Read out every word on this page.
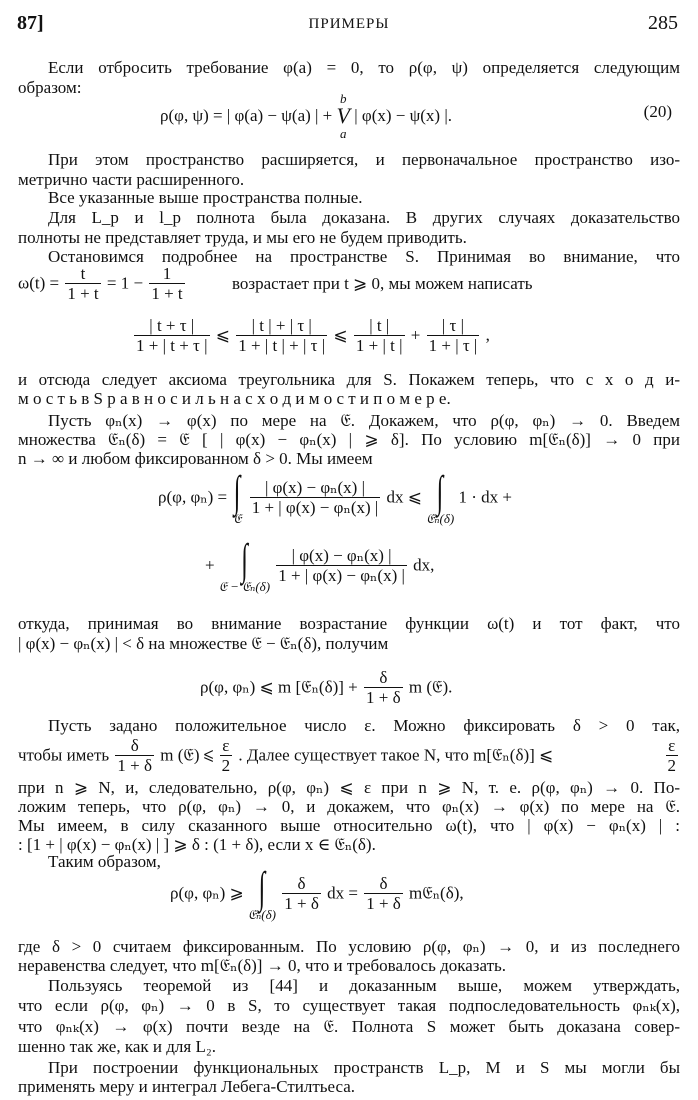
87]	ПРИМЕРЫ	285
Если отбросить требование φ(a) = 0, то ρ(φ, ψ) определяется следующим
образом:
ρ(φ, ψ) = | φ(a) − ψ(a) | +
b
V
a
| φ(x) − ψ(x) |.	(20)
При этом пространство расширяется, и первоначальное пространство изо-
метрично части расширенного.
Все указанные выше пространства полные.
Для L_p и l_p полнота была доказана. В других случаях доказательство
полноты не представляет труда, и мы его не будем приводить.
Остановимся подробнее на пространстве S. Принимая во внимание, что
$\omega(t) = \frac{t}{1 + t} = 1 - \frac{1}{1 + t}$	возрастает при t ⩾ 0, мы можем написать
$\frac{| t + \tau |}{1 + | t + \tau |}$ ⩽ $\frac{| t | + | \tau |}{1 + | t | + | \tau |}$ ⩽ $\frac{| t |}{1 + | t |} + \frac{| \tau |}{1 + | \tau |}$ ,
и отсюда следует аксиома треугольника для S. Покажем теперь, что с х о д и-
м о с т ь в S р а в н о с и л ь н а с х о д и м о с т и п о м е р е.
Пусть φₙ(x) → φ(x) по мере на 𝔈. Докажем, что ρ(φ, φₙ) → 0. Введем
множества 𝔈ₙ(δ) = 𝔈 [ | φ(x) − φₙ(x) | ⩾ δ]. По условию m[𝔈ₙ(δ)] → 0 при
n → ∞ и любом фиксированном δ > 0. Мы имеем
ρ(φ, φₙ) = ∫
𝔈

$\frac{\text{| φ(x) − φₙ(x) |}}{\text{1 + | φ(x) − φₙ(x) |}}$ dx ⩽ ∫
𝔈ₙ(δ)
1 · dx +
+ ∫
𝔈 − 𝔈ₙ(δ)

$\frac{\text{| φ(x) − φₙ(x) |}}{\text{1 + | φ(x) − φₙ(x) |}}$ dx,
откуда, принимая во внимание возрастание функции ω(t) и тот факт, что
| φ(x) − φₙ(x) | < δ на множестве 𝔈 − 𝔈ₙ(δ), получим
ρ(φ, φₙ) ⩽ m [𝔈ₙ(δ)] + $\frac{\delta}{1 + \delta}$ m (𝔈).
Пусть задано положительное число ε. Можно фиксировать δ > 0 так,
чтобы иметь $\frac{\delta}{1 + \delta}$ m (𝔈) ⩽ $\frac{\varepsilon}{2}$ . Далее существует такое N, что m[𝔈ₙ(δ)] ⩽	$\frac{\varepsilon}{2}$
при n ⩾ N, и, следовательно, ρ(φ, φₙ) ⩽ ε при n ⩾ N, т. е. ρ(φ, φₙ) → 0. По-
ложим теперь, что ρ(φ, φₙ) → 0, и докажем, что φₙ(x) → φ(x) по мере на 𝔈.
Мы имеем, в силу сказанного выше относительно ω(t), что | φ(x) − φₙ(x) | :
: [1 + | φ(x) − φₙ(x) | ] ⩾ δ : (1 + δ), если x ∈ 𝔈ₙ(δ).
Таким образом,
ρ(φ, φₙ) ⩾ ∫
𝔈ₙ(δ)

$\frac{\delta}{1 + \delta}$ dx = $\frac{\delta}{1 + \delta}$ m𝔈ₙ(δ),
где δ > 0 считаем фиксированным. По условию ρ(φ, φₙ) → 0, и из последнего
неравенства следует, что m[𝔈ₙ(δ)] → 0, что и требовалось доказать.
Пользуясь теоремой из [44] и доказанным выше, можем утверждать,
что если ρ(φ, φₙ) → 0 в S, то существует такая подпоследовательность φₙₖ(x),
что φₙₖ(x) → φ(x) почти везде на 𝔈. Полнота S может быть доказана совер-
шенно так же, как и для L₂.
При построении функциональных пространств L_p, M и S мы могли бы
применять меру и интеграл Лебега-Стилтьеса.
